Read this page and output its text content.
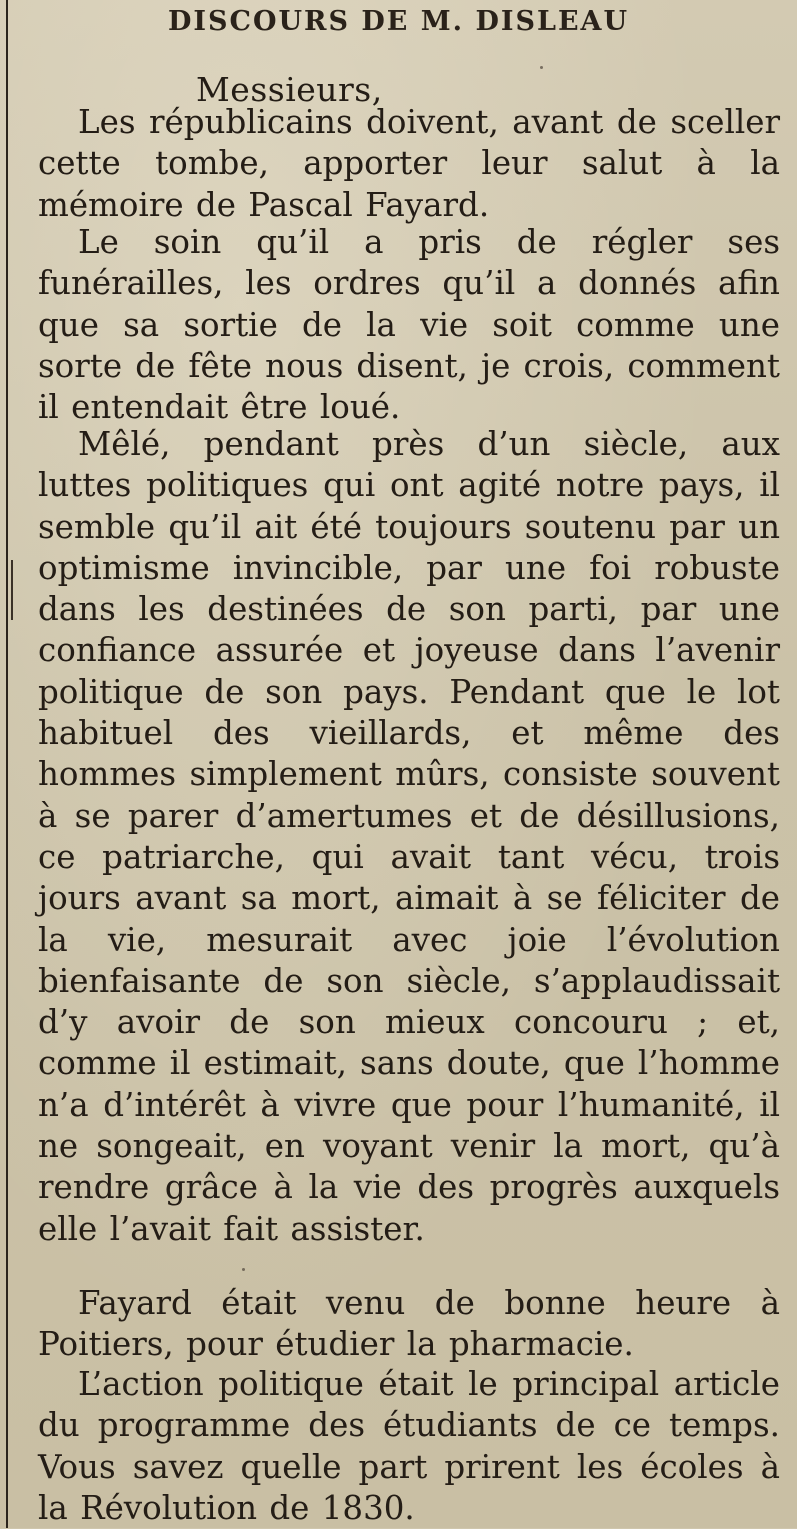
DISCOURS DE M. DISLEAU
Messieurs,
Les républicains doivent, avant de sceller cette tombe, apporter leur salut à la mémoire de Pascal Fayard.
Le soin qu’il a pris de régler ses funérailles, les ordres qu’il a donnés afin que sa sortie de la vie soit comme une sorte de fête nous disent, je crois, comment il entendait être loué.
Mêlé, pendant près d’un siècle, aux luttes politiques qui ont agité notre pays, il semble qu’il ait été toujours soutenu par un optimisme invincible, par une foi robuste dans les destinées de son parti, par une confiance assurée et joyeuse dans l’avenir politique de son pays. Pendant que le lot habituel des vieillards, et même des hommes simplement mûrs, consiste souvent à se parer d’amertumes et de désillusions, ce patriarche, qui avait tant vécu, trois jours avant sa mort, aimait à se féliciter de la vie, mesurait avec joie l’évolution bienfaisante de son siècle, s’applaudissait d’y avoir de son mieux concouru ; et, comme il estimait, sans doute, que l’homme n’a d’intérêt à vivre que pour l’humanité, il ne songeait, en voyant venir la mort, qu’à rendre grâce à la vie des progrès auxquels elle l’avait fait assister.
Fayard était venu de bonne heure à Poitiers, pour étudier la pharmacie.
L’action politique était le principal article du programme des étudiants de ce temps. Vous savez quelle part prirent les écoles à la Révolution de 1830.
